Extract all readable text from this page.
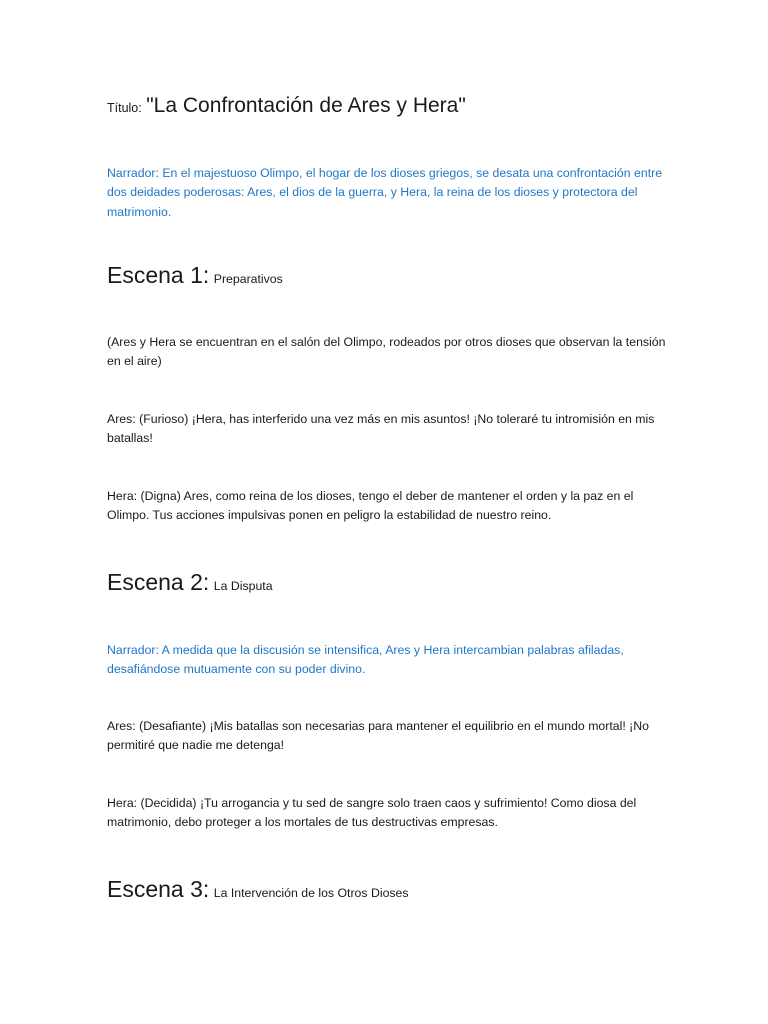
Título: "La Confrontación de Ares y Hera"

Narrador: En el majestuoso Olimpo, el hogar de los dioses griegos, se desata una confrontación entre dos deidades poderosas: Ares, el dios de la guerra, y Hera, la reina de los dioses y protectora del matrimonio.

Escena 1: Preparativos

(Ares y Hera se encuentran en el salón del Olimpo, rodeados por otros dioses que observan la tensión en el aire)

Ares: (Furioso) ¡Hera, has interferido una vez más en mis asuntos! ¡No toleraré tu intromisión en mis batallas!

Hera: (Digna) Ares, como reina de los dioses, tengo el deber de mantener el orden y la paz en el Olimpo. Tus acciones impulsivas ponen en peligro la estabilidad de nuestro reino.

Escena 2: La Disputa

Narrador: A medida que la discusión se intensifica, Ares y Hera intercambian palabras afiladas, desafiándose mutuamente con su poder divino.

Ares: (Desafiante) ¡Mis batallas son necesarias para mantener el equilibrio en el mundo mortal! ¡No permitiré que nadie me detenga!

Hera: (Decidida) ¡Tu arrogancia y tu sed de sangre solo traen caos y sufrimiento! Como diosa del matrimonio, debo proteger a los mortales de tus destructivas empresas.

Escena 3: La Intervención de los Otros Dioses
